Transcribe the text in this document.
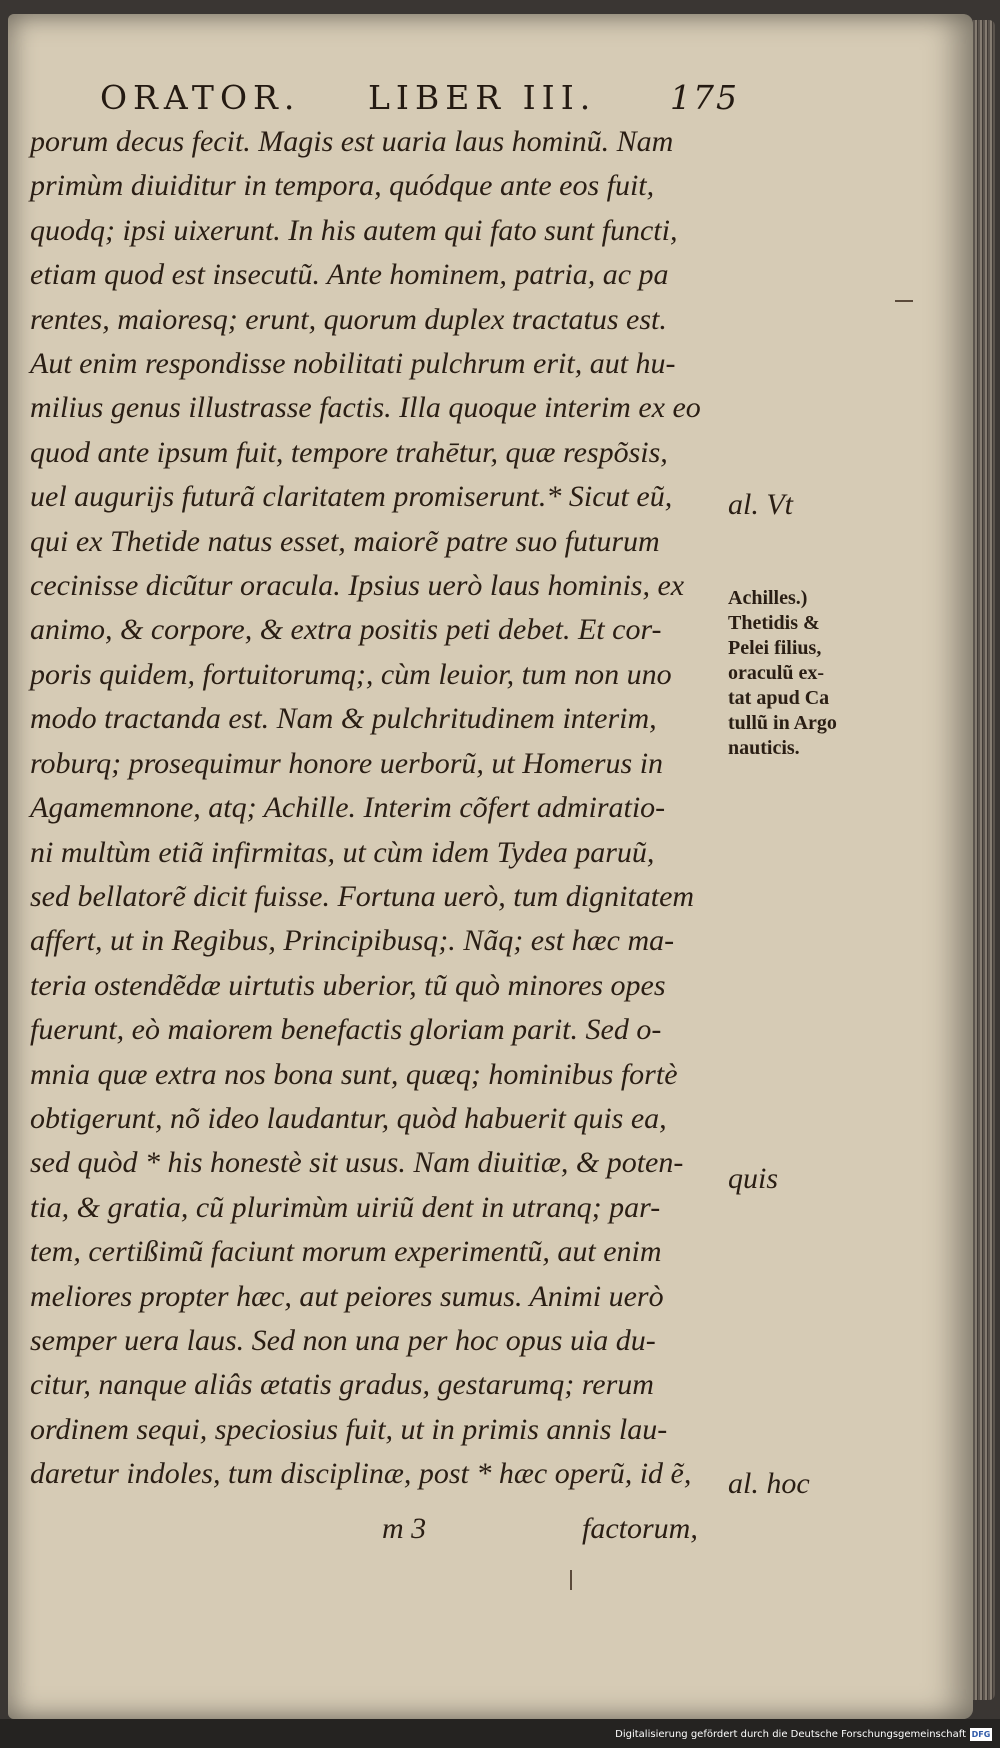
ORATOR. LIBER III. 175
porum decus fecit. Magis est uaria laus hominũ. Nam
primùm diuiditur in tempora, quódque ante eos fuit,
quodq; ipsi uixerunt. In his autem qui fato sunt functi,
etiam quod est insecutũ. Ante hominem, patria, ac pa
rentes, maioresq; erunt, quorum duplex tractatus est.
Aut enim respondisse nobilitati pulchrum erit, aut hu-
milius genus illustrasse factis. Illa quoque interim ex eo
quod ante ipsum fuit, tempore trahētur, quæ respõsis,
uel augurijs futurã claritatem promiserunt.* Sicut eũ,
qui ex Thetide natus esset, maiorẽ patre suo futurum
cecinisse dicũtur oracula. Ipsius uerò laus hominis, ex
animo, & corpore, & extra positis peti debet. Et cor-
poris quidem, fortuitorumq;, cùm leuior, tum non uno
modo tractanda est. Nam & pulchritudinem interim,
roburq; prosequimur honore uerborũ, ut Homerus in
Agamemnone, atq; Achille. Interim cõfert admiratio-
ni multùm etiã infirmitas, ut cùm idem Tydea paruũ,
sed bellatorẽ dicit fuisse. Fortuna uerò, tum dignitatem
affert, ut in Regibus, Principibusq;. Nãq; est hæc ma-
teria ostendẽdæ uirtutis uberior, tũ quò minores opes
fuerunt, eò maiorem benefactis gloriam parit. Sed o-
mnia quæ extra nos bona sunt, quæq; hominibus fortè
obtigerunt, nõ ideo laudantur, quòd habuerit quis ea,
sed quòd * his honestè sit usus. Nam diuitiæ, & poten-
tia, & gratia, cũ plurimùm uiriũ dent in utranq; par-
tem, certißimũ faciunt morum experimentũ, aut enim
meliores propter hæc, aut peiores sumus. Animi uerò
semper uera laus. Sed non una per hoc opus uia du-
citur, nanque aliâs ætatis gradus, gestarumq; rerum
ordinem sequi, speciosius fuit, ut in primis annis lau-
daretur indoles, tum disciplinæ, post * hæc operũ, id ẽ,
al. Vt
Achilles.)
Thetidis &
Pelei filius,
oraculũ ex-
tat apud Ca
tullũ in Argo
nauticis.
quis
al. hoc
m 3	factorum,
Digitalisierung gefördert durch die Deutsche Forschungsgemeinschaft DFG
